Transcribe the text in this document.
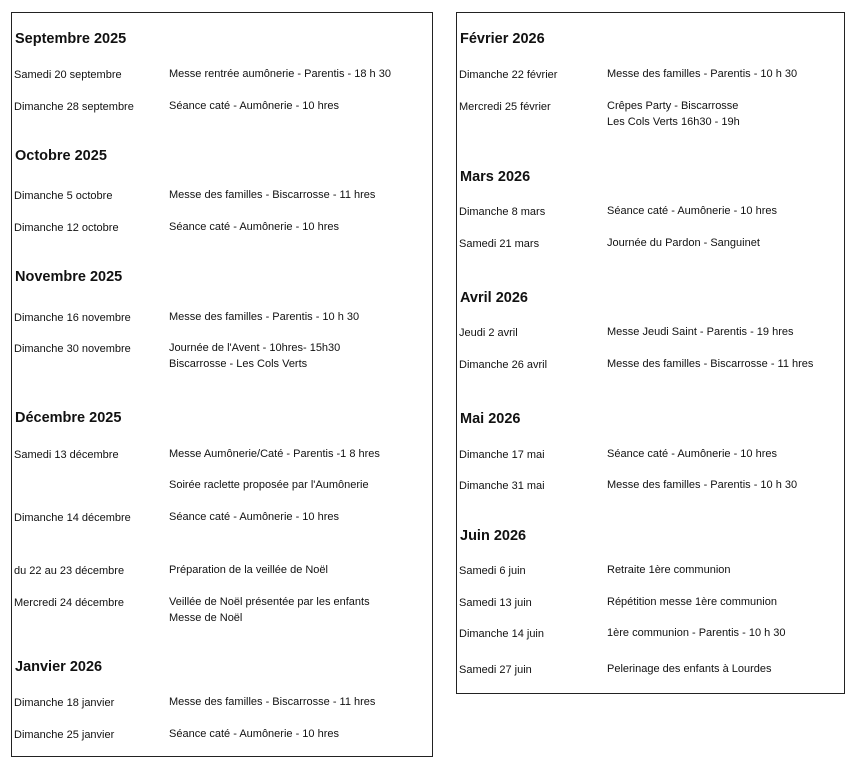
Septembre 2025
Samedi 20 septembre	Messe rentrée aumônerie - Parentis - 18 h 30
Dimanche 28 septembre	Séance caté - Aumônerie - 10 hres
Octobre 2025
Dimanche 5 octobre	Messe des familles - Biscarrosse - 11 hres
Dimanche 12 octobre	Séance caté - Aumônerie - 10 hres
Novembre 2025
Dimanche 16 novembre	Messe des familles - Parentis - 10 h 30
Dimanche 30 novembre	Journée de l'Avent - 10hres- 15h30
Biscarrosse - Les Cols Verts
Décembre 2025
Samedi 13 décembre	Messe Aumônerie/Caté - Parentis -1 8 hres
Soirée raclette proposée par l'Aumônerie
Dimanche 14 décembre	Séance caté - Aumônerie - 10 hres
du 22 au 23 décembre	Préparation de la veillée de Noël
Mercredi 24 décembre	Veillée de Noël présentée par les enfants
Messe de Noël
Janvier 2026
Dimanche 18 janvier	Messe des familles - Biscarrosse - 11 hres
Dimanche 25 janvier	Séance caté - Aumônerie - 10 hres
Février 2026
Dimanche 22 février	Messe des familles - Parentis - 10 h 30
Mercredi 25 février	Crêpes Party - Biscarrosse
Les Cols Verts 16h30 - 19h
Mars 2026
Dimanche 8 mars	Séance caté - Aumônerie - 10 hres
Samedi 21 mars	Journée du Pardon - Sanguinet
Avril 2026
Jeudi 2 avril	Messe Jeudi Saint - Parentis - 19 hres
Dimanche 26 avril	Messe des familles - Biscarrosse - 11 hres
Mai 2026
Dimanche 17 mai	Séance caté - Aumônerie - 10 hres
Dimanche 31 mai	Messe des familles - Parentis - 10 h 30
Juin 2026
Samedi 6 juin	Retraite 1ère communion
Samedi 13 juin	Répétition messe 1ère communion
Dimanche 14 juin	1ère communion - Parentis - 10 h 30
Samedi 27 juin	Pelerinage des enfants à Lourdes
